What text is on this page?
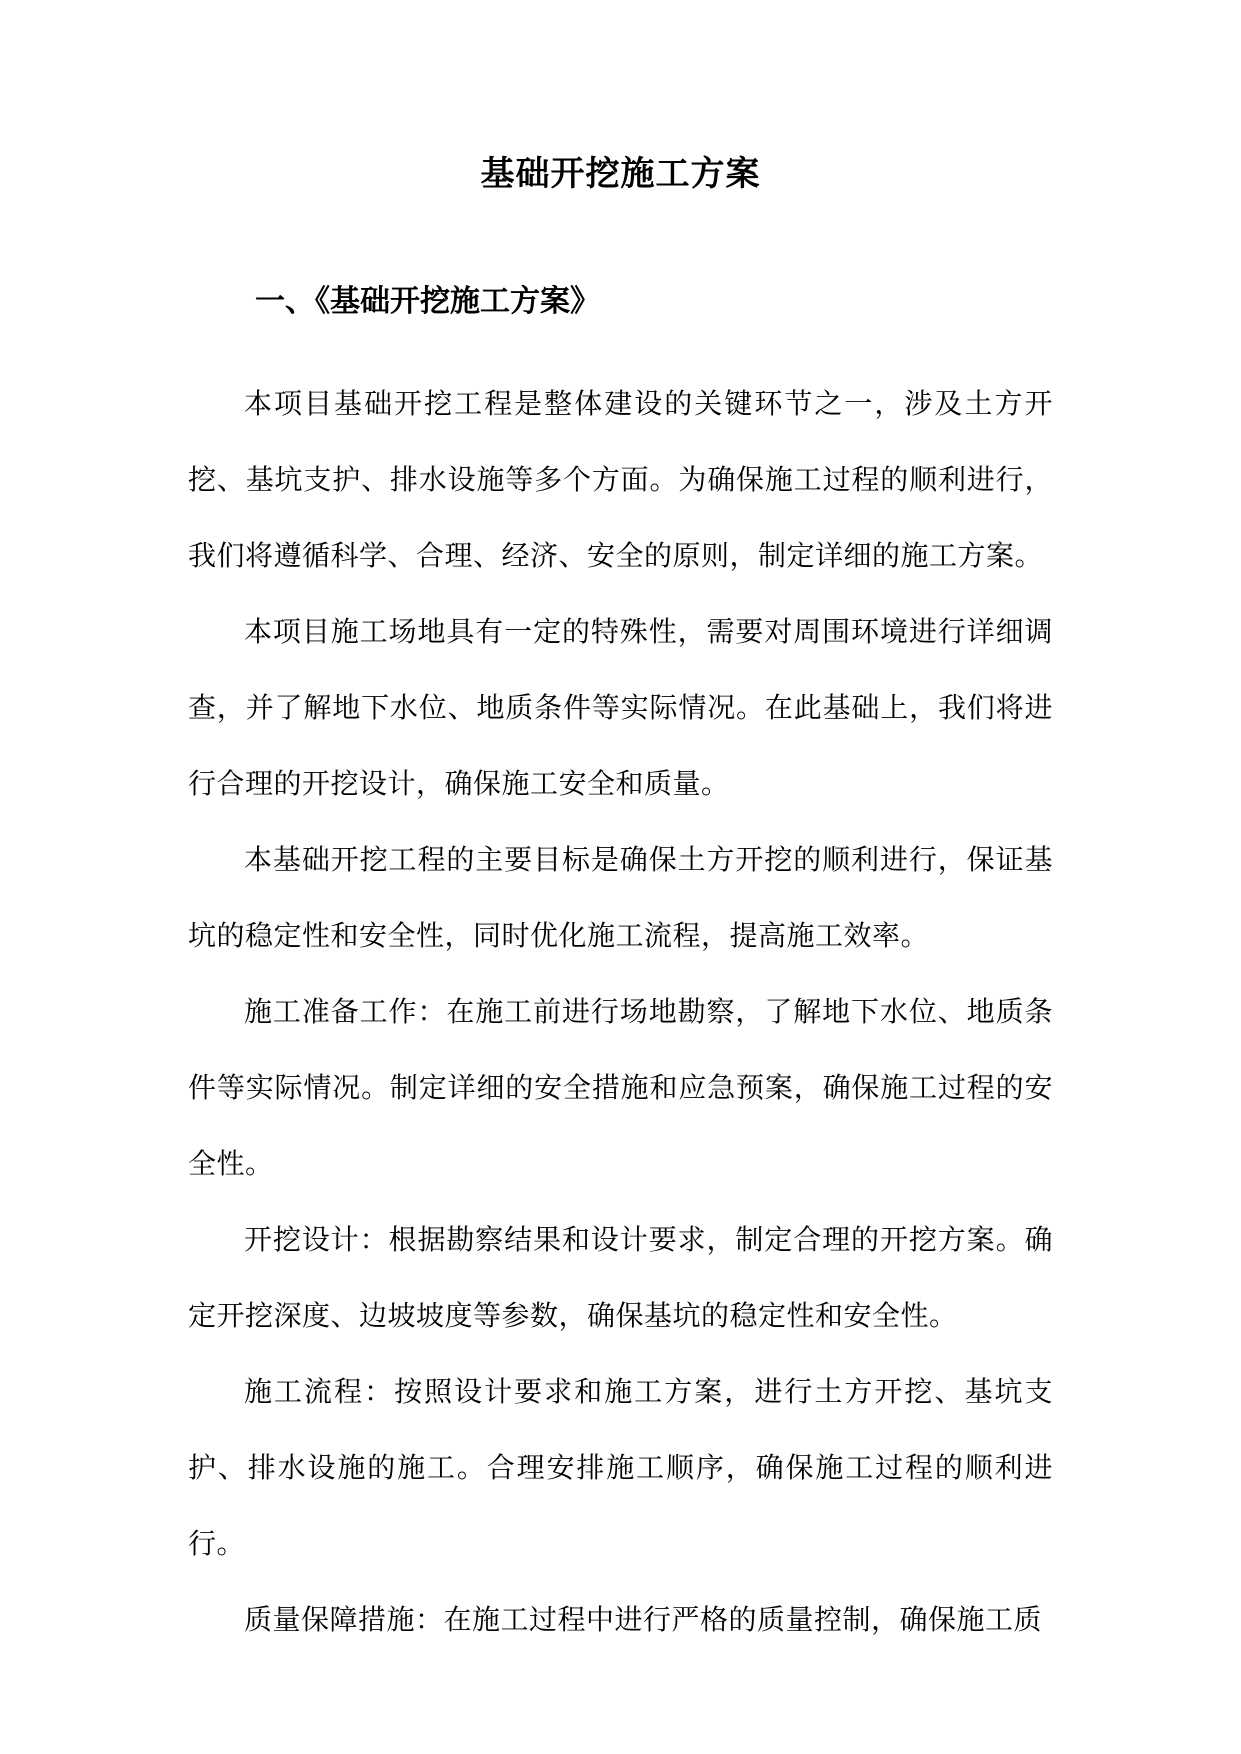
基础开挖施工方案
一、《基础开挖施工方案》

本项目基础开挖工程是整体建设的关键环节之一，涉及土方开挖、基坑支护、排水设施等多个方面。为确保施工过程的顺利进行，我们将遵循科学、合理、经济、安全的原则，制定详细的施工方案。

本项目施工场地具有一定的特殊性，需要对周围环境进行详细调查，并了解地下水位、地质条件等实际情况。在此基础上，我们将进行合理的开挖设计，确保施工安全和质量。

本基础开挖工程的主要目标是确保土方开挖的顺利进行，保证基坑的稳定性和安全性，同时优化施工流程，提高施工效率。

施工准备工作：在施工前进行场地勘察，了解地下水位、地质条件等实际情况。制定详细的安全措施和应急预案，确保施工过程的安全性。

开挖设计：根据勘察结果和设计要求，制定合理的开挖方案。确定开挖深度、边坡坡度等参数，确保基坑的稳定性和安全性。

施工流程：按照设计要求和施工方案，进行土方开挖、基坑支护、排水设施的施工。合理安排施工顺序，确保施工过程的顺利进行。

质量保障措施：在施工过程中进行严格的质量控制，确保施工质
